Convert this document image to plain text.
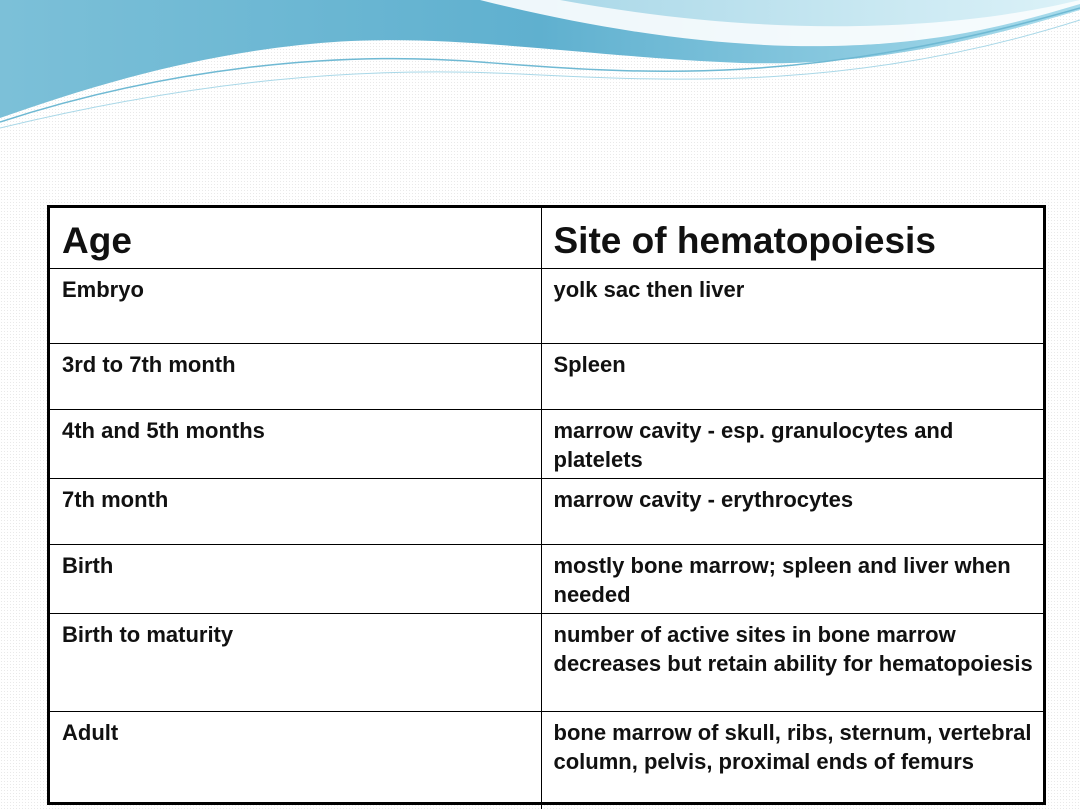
Age	Site of hematopoiesis
Embryo	yolk sac then liver
3rd to 7th month	Spleen
4th and 5th months	marrow cavity - esp. granulocytes and platelets
7th month	marrow cavity - erythrocytes
Birth	mostly bone marrow; spleen and liver when needed
Birth to maturity	number of active sites in bone marrow decreases but retain ability for hematopoiesis
Adult	bone marrow of skull, ribs, sternum, vertebral column, pelvis, proximal ends of femurs
